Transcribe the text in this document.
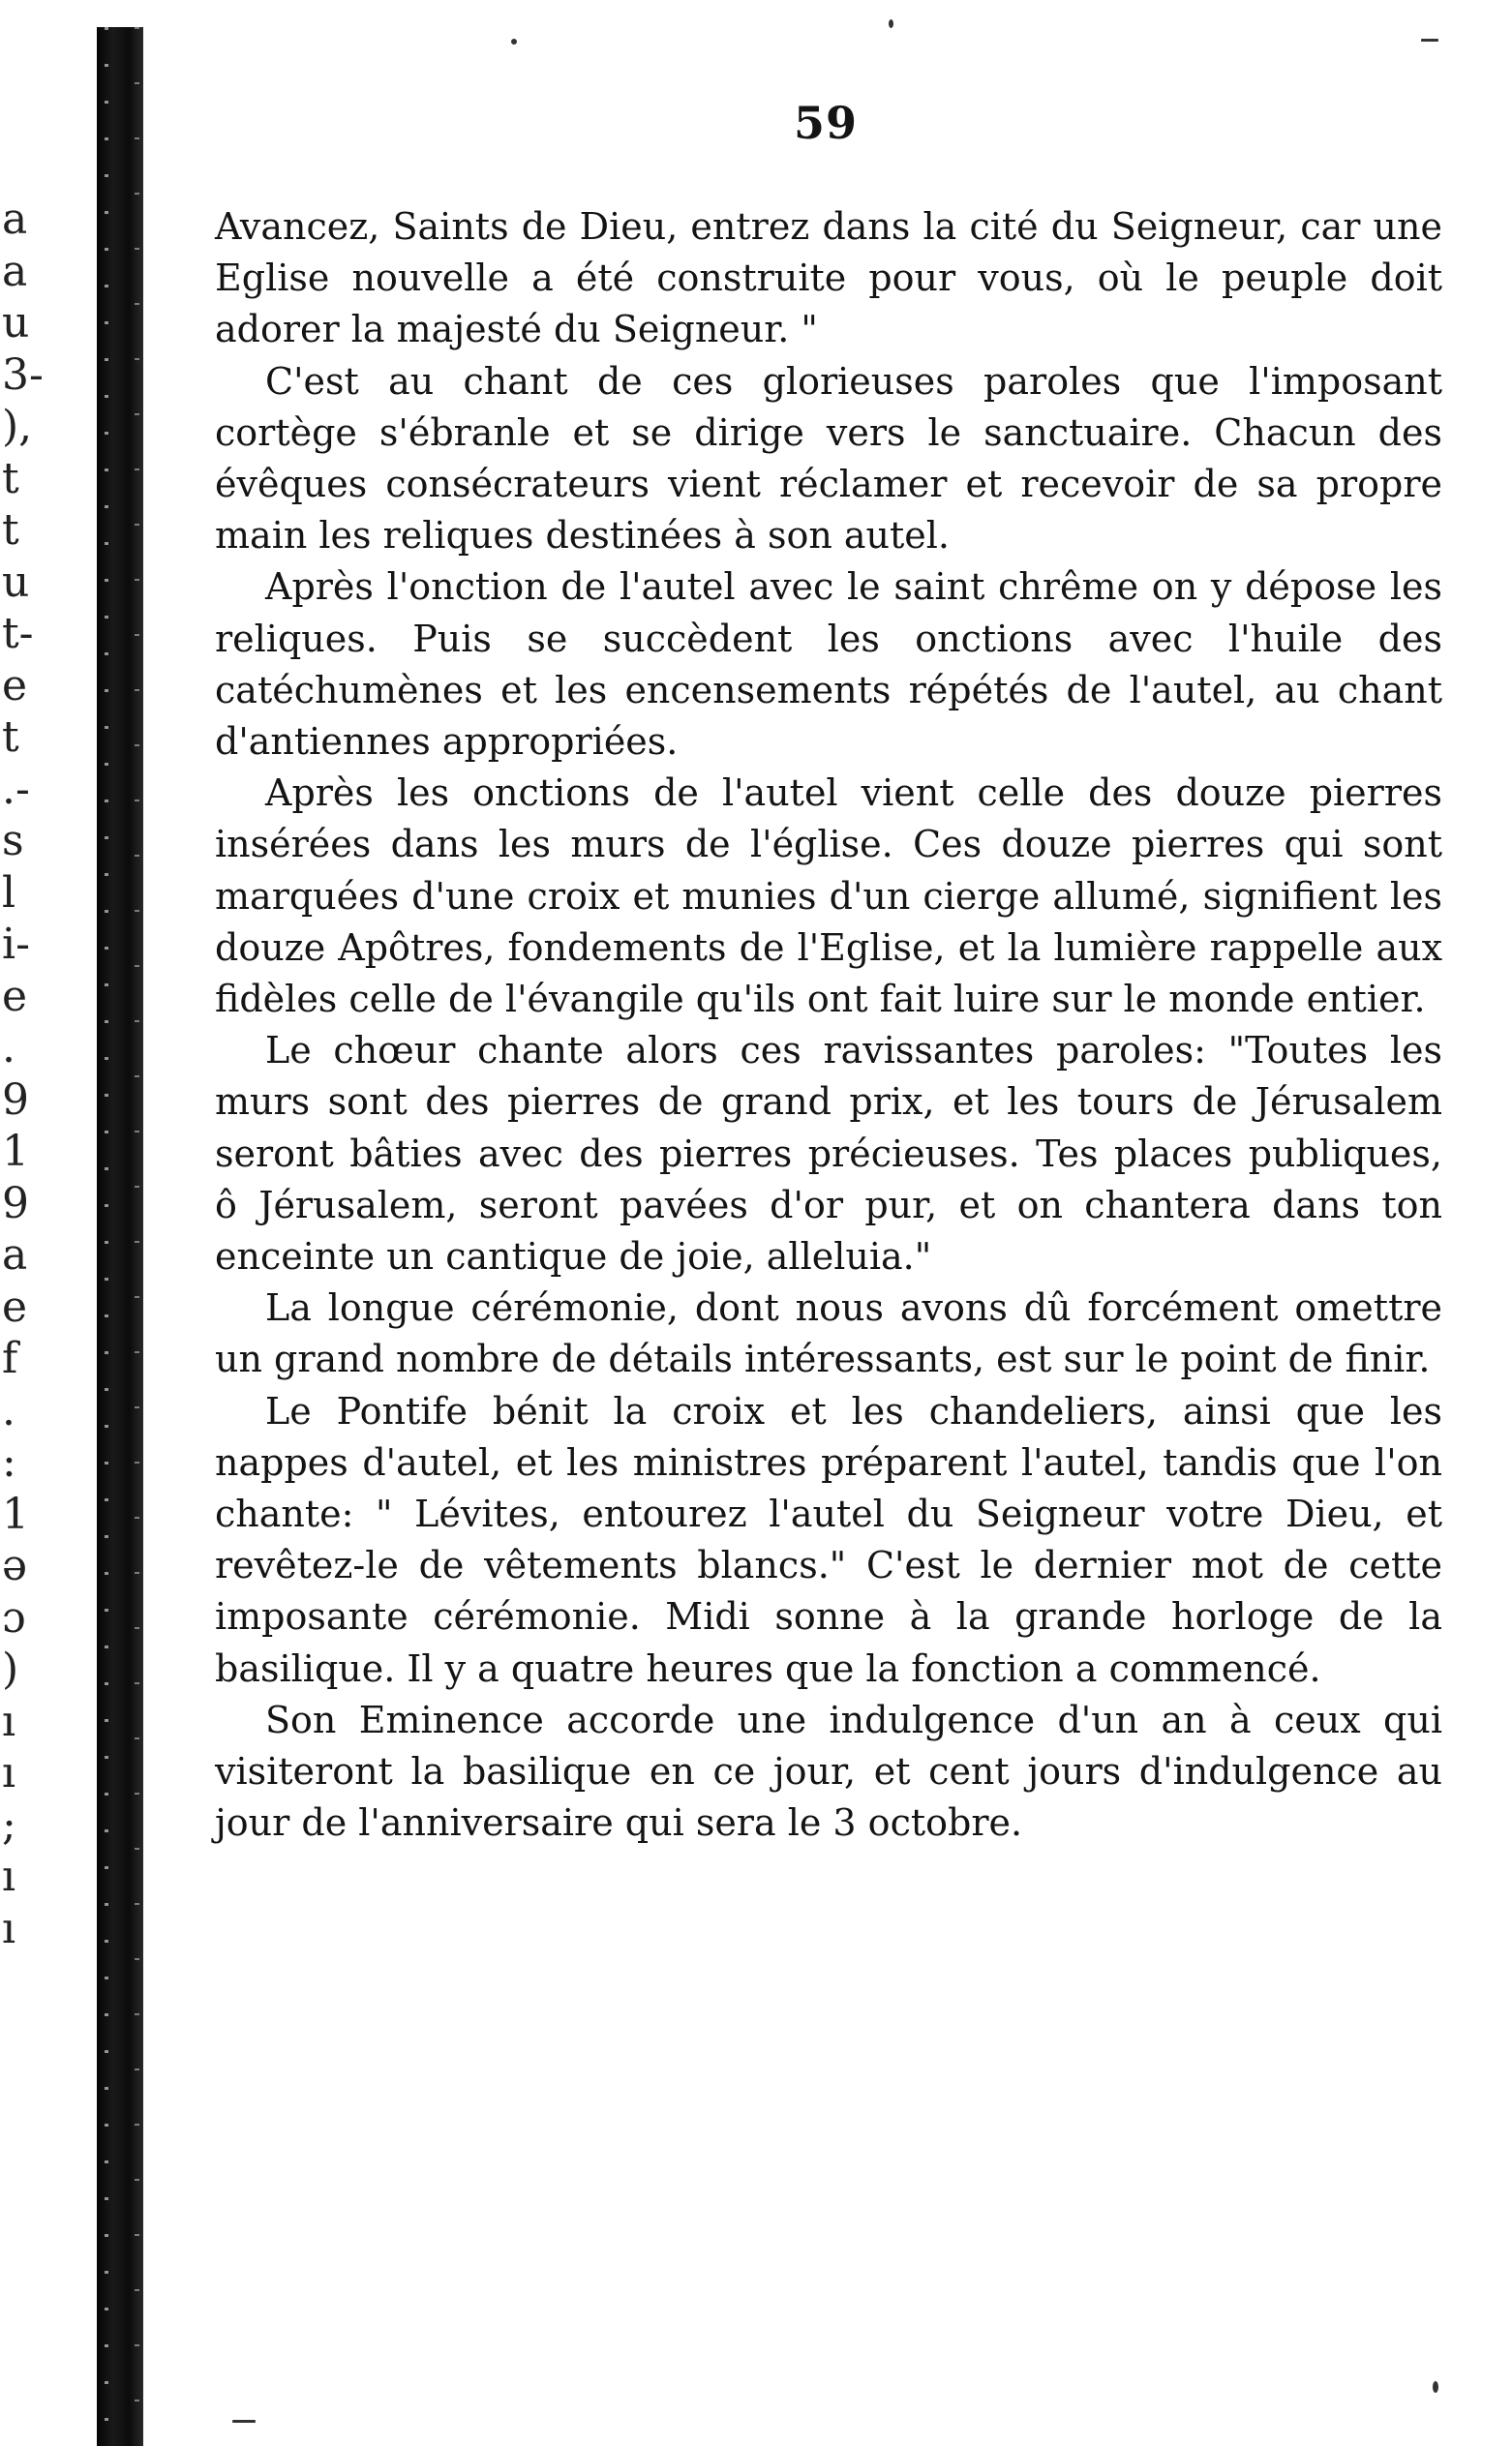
a
a
u
3-
),
t
t
u
t-
e
t
.-
s
l
i-
e
.
9
1
9
a
e
f
.
:
1
ə
ɔ
)
ı
ı
;
ı
ı
59

Avancez, Saints de Dieu, entrez dans la cité du Seigneur, car une Eglise nouvelle a été construite pour vous, où le peuple doit adorer la majesté du Seigneur. "

C'est au chant de ces glorieuses paroles que l'imposant cortège s'ébranle et se dirige vers le sanctuaire. Chacun des évêques consécrateurs vient réclamer et recevoir de sa propre main les reliques destinées à son autel.

Après l'onction de l'autel avec le saint chrême on y dépose les reliques. Puis se succèdent les onctions avec l'huile des catéchumènes et les encensements répétés de l'autel, au chant d'antiennes appropriées.

Après les onctions de l'autel vient celle des douze pierres insérées dans les murs de l'église. Ces douze pierres qui sont marquées d'une croix et munies d'un cierge allumé, signifient les douze Apôtres, fondements de l'Eglise, et la lumière rappelle aux fidèles celle de l'évangile qu'ils ont fait luire sur le monde entier.

Le chœur chante alors ces ravissantes paroles: "Toutes les murs sont des pierres de grand prix, et les tours de Jérusalem seront bâties avec des pierres précieuses. Tes places publiques, ô Jérusalem, seront pavées d'or pur, et on chantera dans ton enceinte un cantique de joie, alleluia."

La longue cérémonie, dont nous avons dû forcément omettre un grand nombre de détails intéressants, est sur le point de finir.

Le Pontife bénit la croix et les chandeliers, ainsi que les nappes d'autel, et les ministres préparent l'autel, tandis que l'on chante: " Lévites, entourez l'autel du Seigneur votre Dieu, et revêtez-le de vêtements blancs." C'est le dernier mot de cette imposante cérémonie. Midi sonne à la grande horloge de la basilique. Il y a quatre heures que la fonction a commencé.

Son Eminence accorde une indulgence d'un an à ceux qui visiteront la basilique en ce jour, et cent jours d'indulgence au jour de l'anniversaire qui sera le 3 octobre.
